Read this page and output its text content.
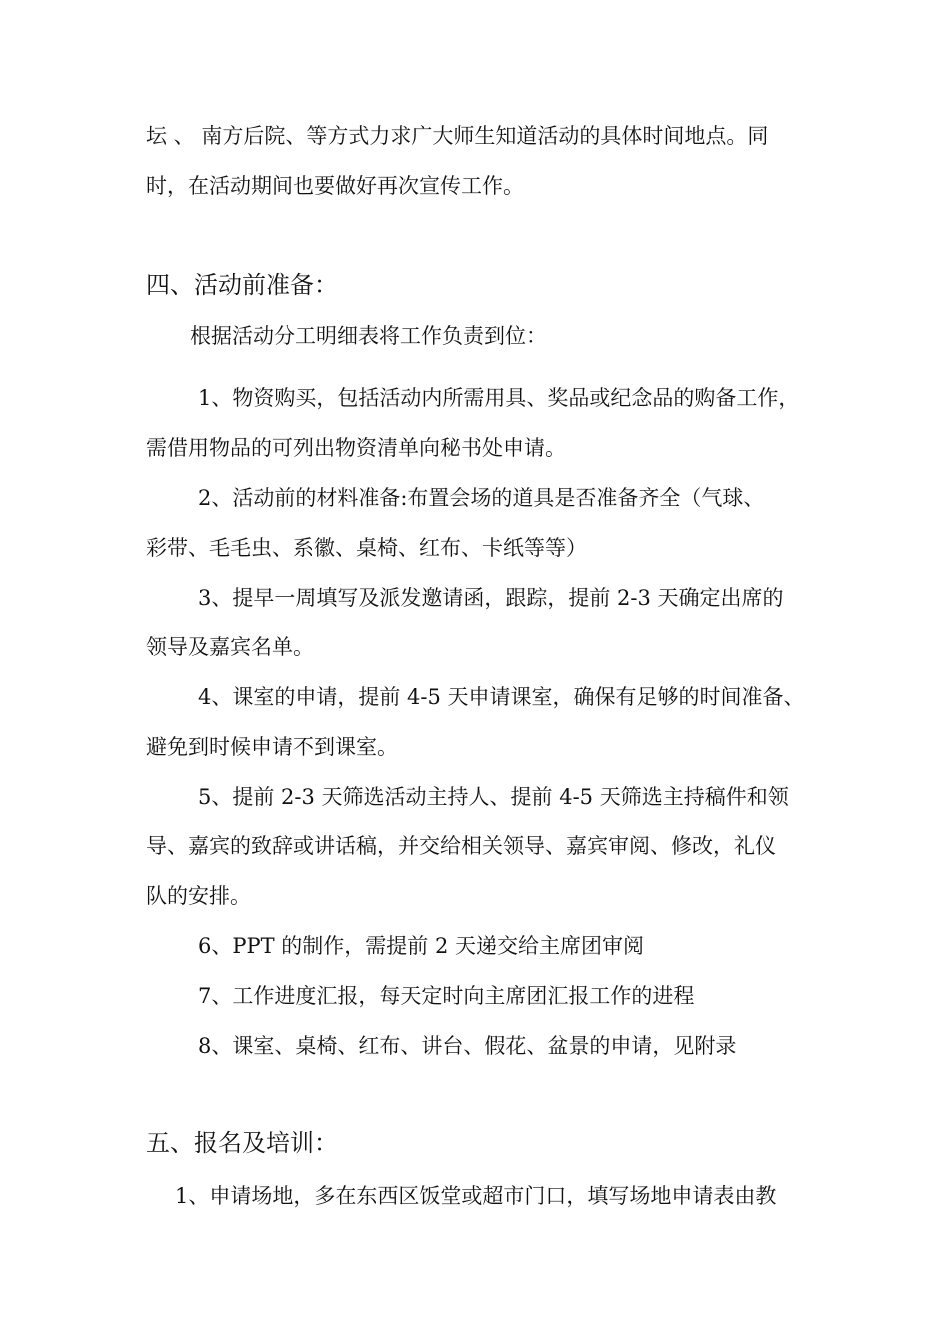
坛 、 南方后院、等方式力求广大师生知道活动的具体时间地点。同
时，在活动期间也要做好再次宣传工作。
四、活动前准备：
根据活动分工明细表将工作负责到位：
1、物资购买，包括活动内所需用具、奖品或纪念品的购备工作，
需借用物品的可列出物资清单向秘书处申请。
2、活动前的材料准备:布置会场的道具是否准备齐全（气球、
彩带、毛毛虫、系徽、桌椅、红布、卡纸等等）
3、提早一周填写及派发邀请函，跟踪，提前 2-3 天确定出席的
领导及嘉宾名单。
4、课室的申请，提前 4-5 天申请课室，确保有足够的时间准备、
避免到时候申请不到课室。
5、提前 2-3 天筛选活动主持人、提前 4-5 天筛选主持稿件和领
导、嘉宾的致辞或讲话稿，并交给相关领导、嘉宾审阅、修改，礼仪
队的安排。
6、PPT 的制作，需提前 2 天递交给主席团审阅
7、工作进度汇报，每天定时向主席团汇报工作的进程
8、课室、桌椅、红布、讲台、假花、盆景的申请，见附录
五、报名及培训：
1、申请场地，多在东西区饭堂或超市门口，填写场地申请表由教
